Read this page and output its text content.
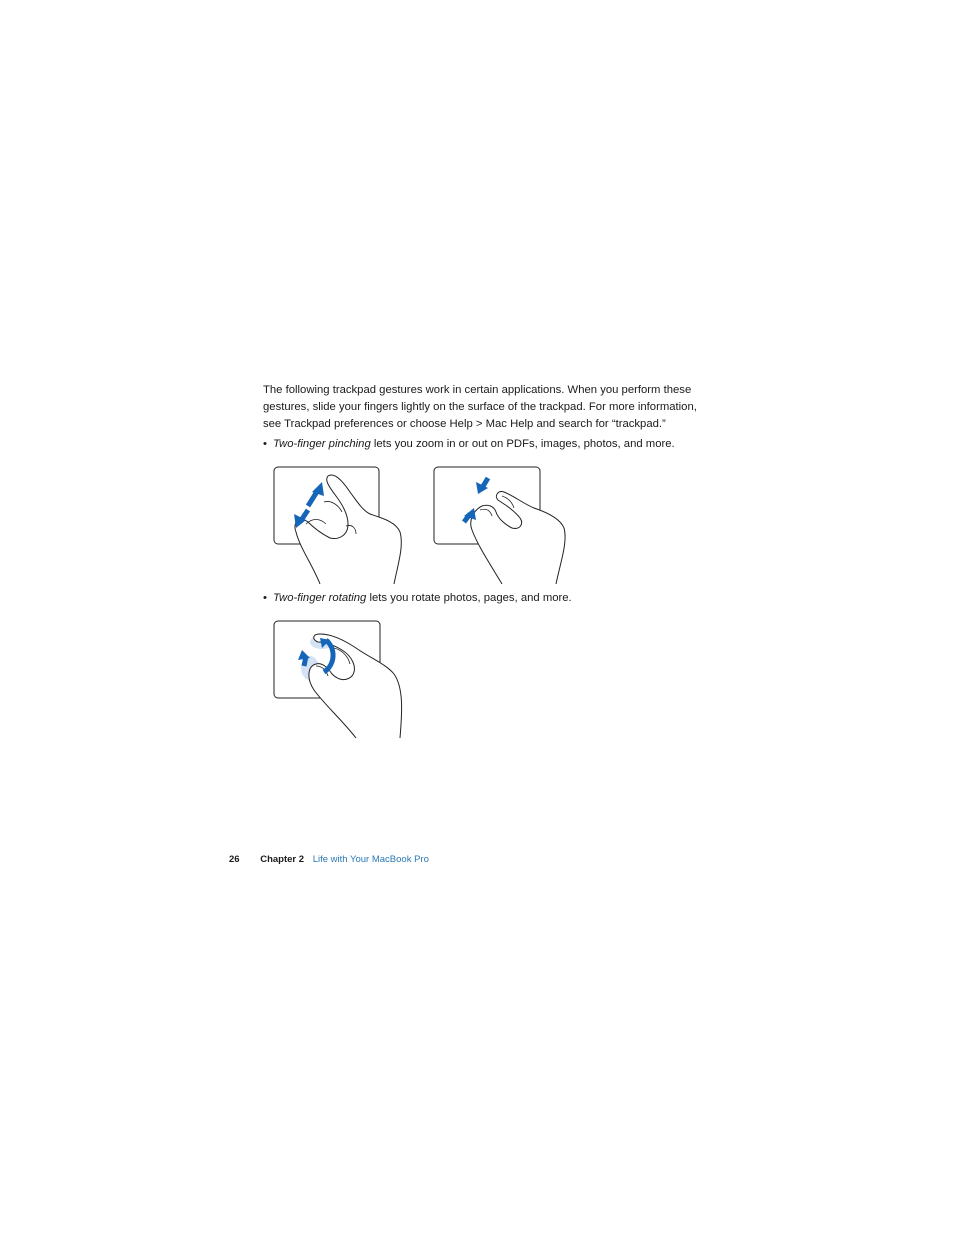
The following trackpad gestures work in certain applications. When you perform these gestures, slide your fingers lightly on the surface of the trackpad. For more information, see Trackpad preferences or choose Help > Mac Help and search for “trackpad.”

• Two-finger pinching lets you zoom in or out on PDFs, images, photos, and more.

• Two-finger rotating lets you rotate photos, pages, and more.

26 Chapter 2 Life with Your MacBook Pro
